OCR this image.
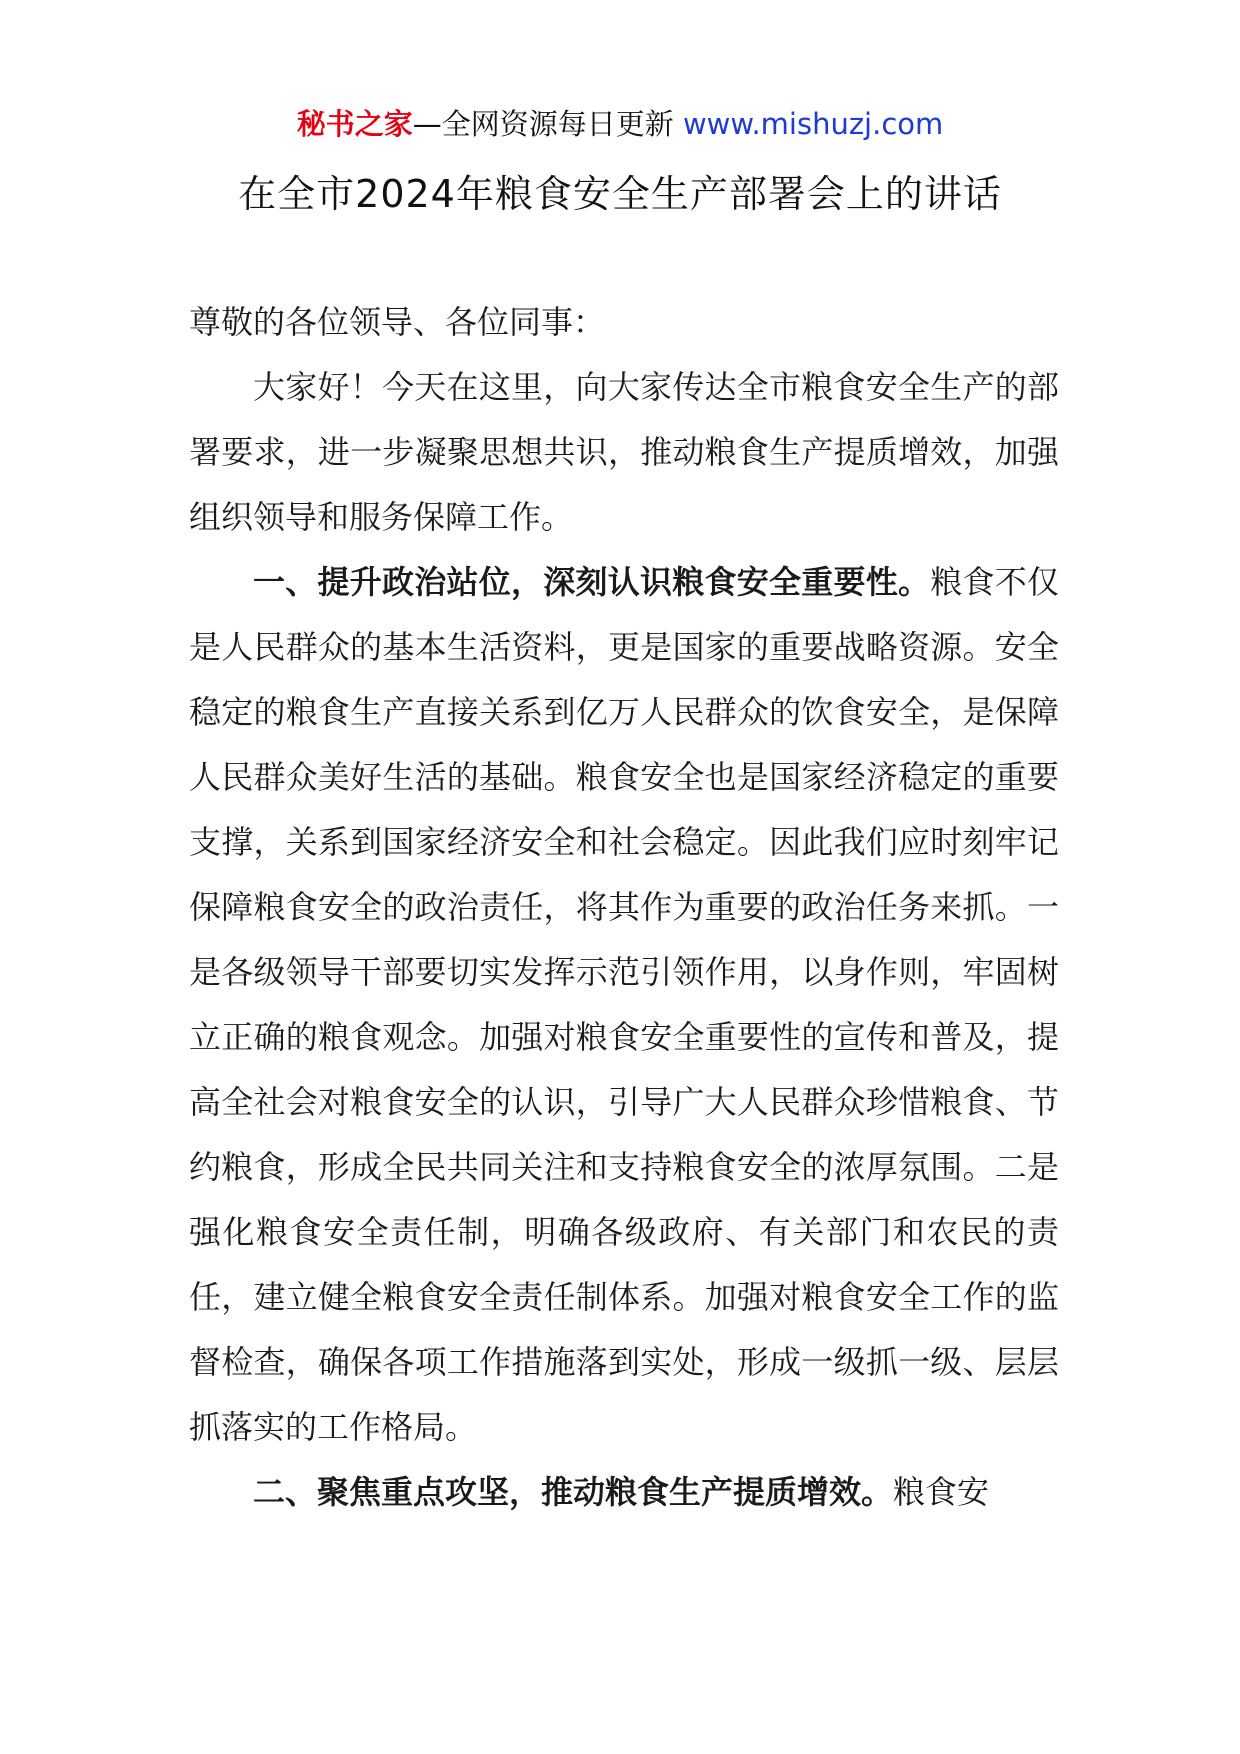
秘书之家—全网资源每日更新 www.mishuzj.com
在全市2024年粮食安全生产部署会上的讲话

尊敬的各位领导、各位同事：

大家好！今天在这里，向大家传达全市粮食安全生产的部署要求，进一步凝聚思想共识，推动粮食生产提质增效，加强组织领导和服务保障工作。

一、提升政治站位，深刻认识粮食安全重要性。粮食不仅是人民群众的基本生活资料，更是国家的重要战略资源。安全稳定的粮食生产直接关系到亿万人民群众的饮食安全，是保障人民群众美好生活的基础。粮食安全也是国家经济稳定的重要支撑，关系到国家经济安全和社会稳定。因此我们应时刻牢记保障粮食安全的政治责任，将其作为重要的政治任务来抓。一是各级领导干部要切实发挥示范引领作用，以身作则，牢固树立正确的粮食观念。加强对粮食安全重要性的宣传和普及，提高全社会对粮食安全的认识，引导广大人民群众珍惜粮食、节约粮食，形成全民共同关注和支持粮食安全的浓厚氛围。二是强化粮食安全责任制，明确各级政府、有关部门和农民的责任，建立健全粮食安全责任制体系。加强对粮食安全工作的监督检查，确保各项工作措施落到实处，形成一级抓一级、层层抓落实的工作格局。

二、聚焦重点攻坚，推动粮食生产提质增效。粮食安
